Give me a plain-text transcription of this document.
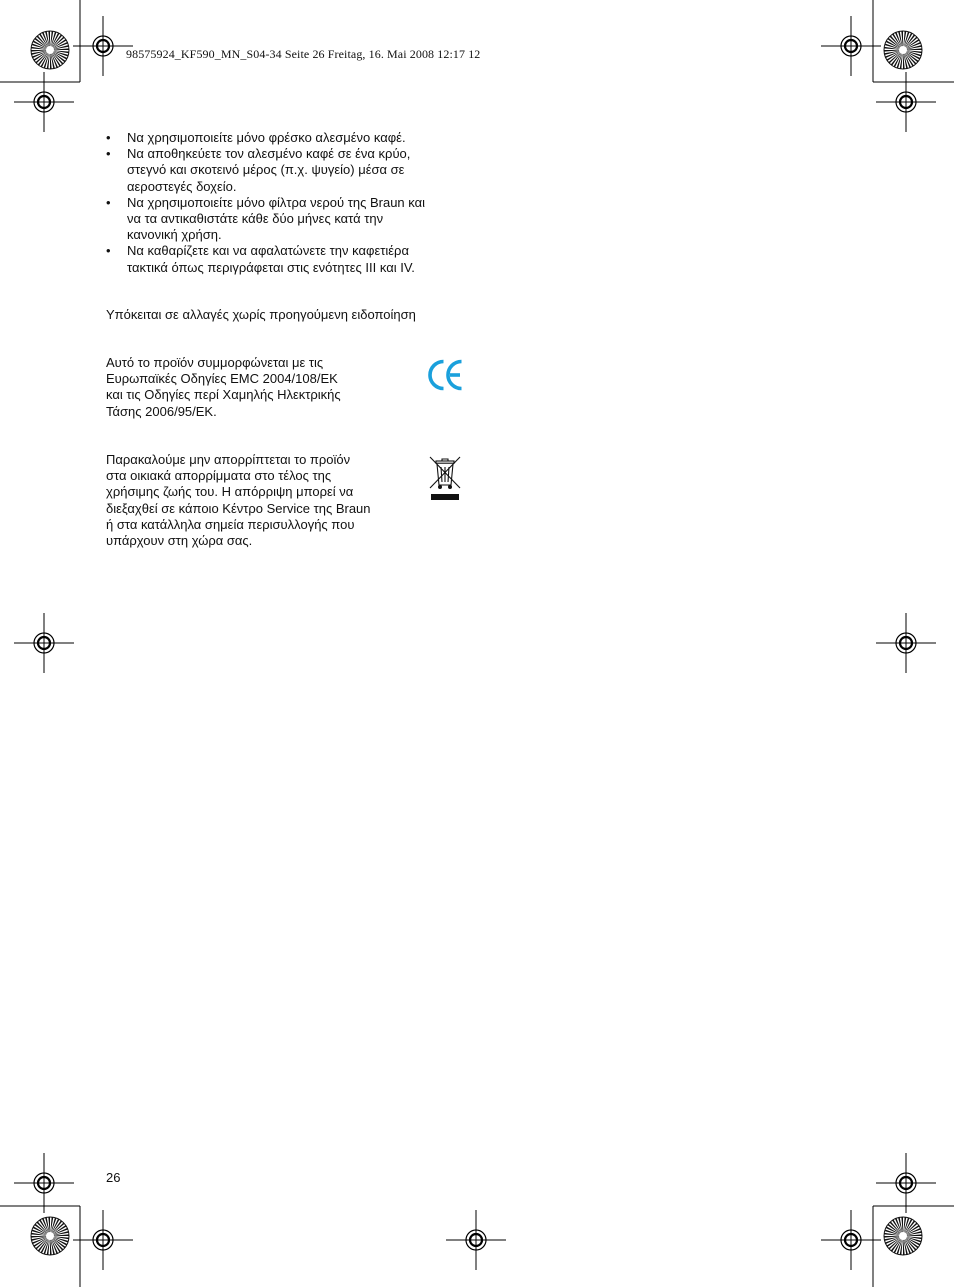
98575924_KF590_MN_S04-34 Seite 26 Freitag, 16. Mai 2008 12:17 12
• Να χρησιμοποιείτε μόνο φρέσκο αλεσμένο καφέ.
• Να αποθηκεύετε τον αλεσμένο καφέ σε ένα κρύο,
στεγνό και σκοτεινό μέρος (π.χ. ψυγείο) μέσα σε
αεροστεγές δοχείο.
• Να χρησιμοποιείτε μόνο φίλτρα νερού της Braun και
να τα αντικαθιστάτε κάθε δύο μήνες κατά την
κανονική χρήση.
• Να καθαρίζετε και να αφαλατώνετε την καφετιέρα
τακτικά όπως περιγράφεται στις ενότητες III και IV.
Υπόκειται σε αλλαγές χωρίς προηγούμενη ειδοποίηση
Αυτό το προϊόν συμμορφώνεται με τις
Ευρωπαϊκές Οδηγίες EMC 2004/108/EK
και τις Οδηγίες περί Χαμηλής Ηλεκτρικής
Τάσης 2006/95/EK.
Παρακαλούμε μην απορρίπτεται το προϊόν
στα οικιακά απορρίμματα στο τέλος της
χρήσιμης ζωής του. Η απόρριψη μπορεί να
διεξαχθεί σε κάποιο Κέντρο Service της Braun
ή στα κατάλληλα σημεία περισυλλογής που
υπάρχουν στη χώρα σας.
26
